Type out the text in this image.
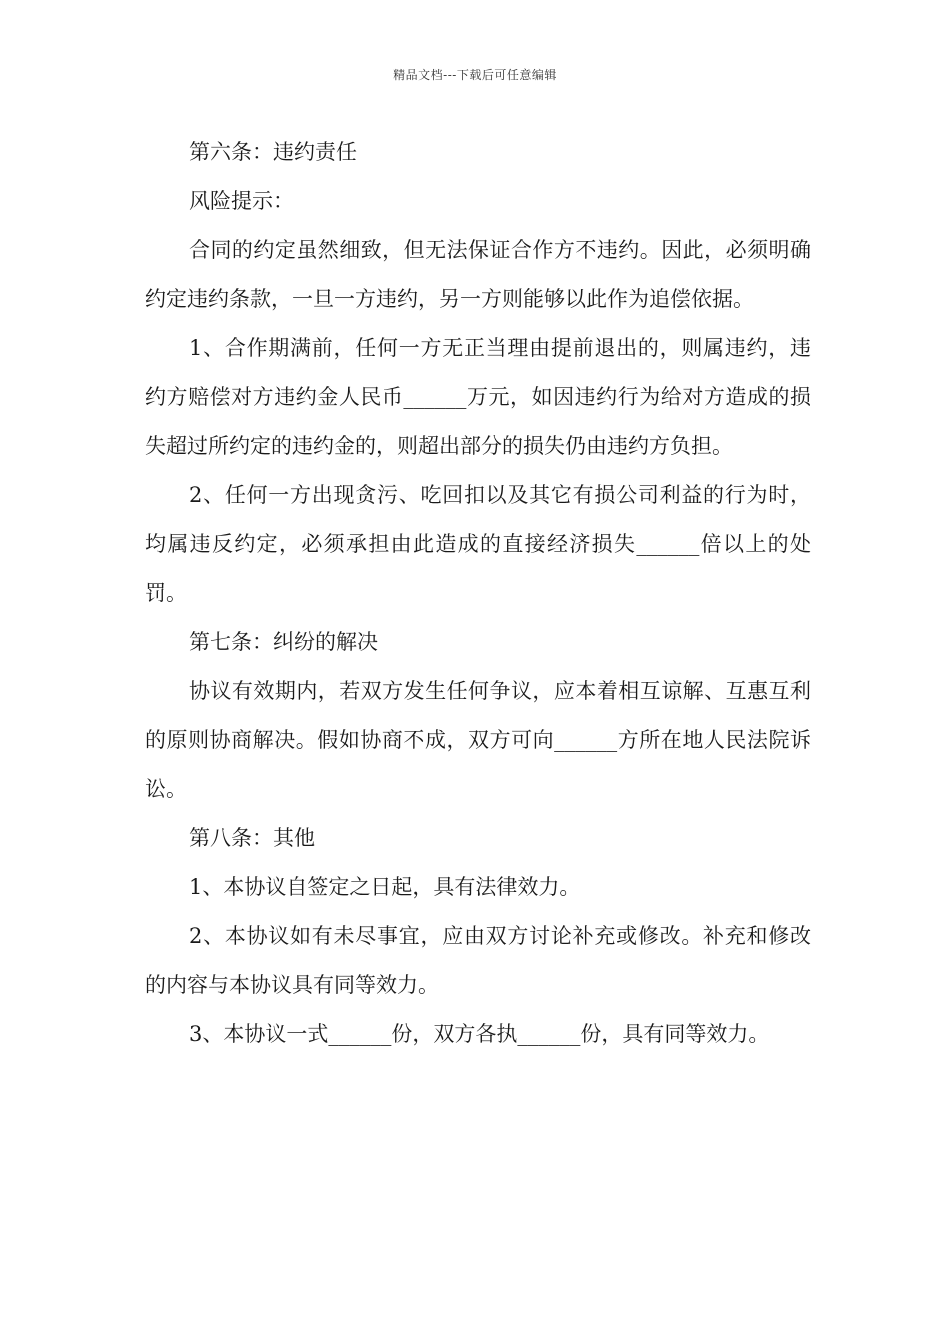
精品文档---下载后可任意编辑

第六条：违约责任

风险提示：

合同的约定虽然细致，但无法保证合作方不违约。因此，必须明确约定违约条款，一旦一方违约，另一方则能够以此作为追偿依据。

1、合作期满前，任何一方无正当理由提前退出的，则属违约，违约方赔偿对方违约金人民币______万元，如因违约行为给对方造成的损失超过所约定的违约金的，则超出部分的损失仍由违约方负担。

2、任何一方出现贪污、吃回扣以及其它有损公司利益的行为时，均属违反约定，必须承担由此造成的直接经济损失______倍以上的处罚。

第七条：纠纷的解决

协议有效期内，若双方发生任何争议，应本着相互谅解、互惠互利的原则协商解决。假如协商不成，双方可向______方所在地人民法院诉讼。

第八条：其他

1、本协议自签定之日起，具有法律效力。

2、本协议如有未尽事宜，应由双方讨论补充或修改。补充和修改的内容与本协议具有同等效力。

3、本协议一式______份，双方各执______份，具有同等效力。
